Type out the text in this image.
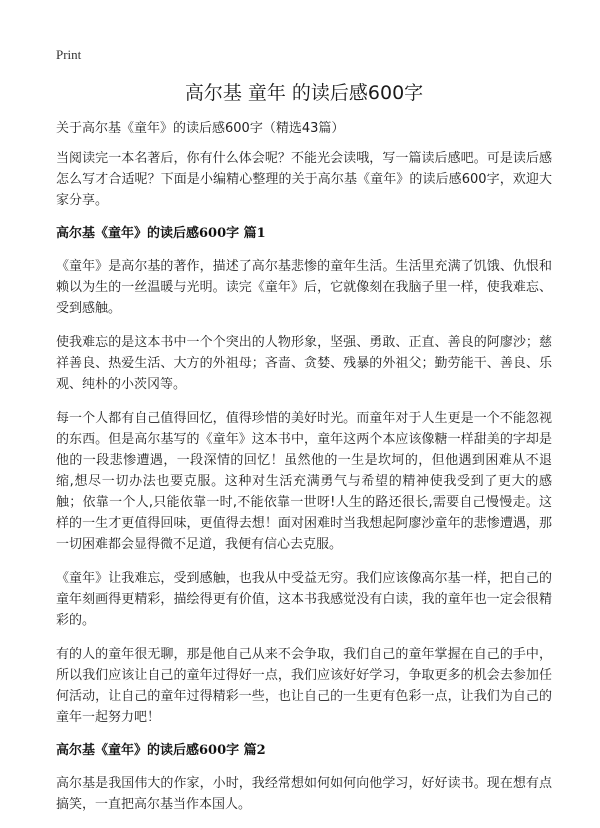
Print
高尔基 童年 的读后感600字

关于高尔基《童年》的读后感600字（精选43篇）

当阅读完一本名著后，你有什么体会呢？不能光会读哦，写一篇读后感吧。可是读后感怎么写才合适呢？下面是小编精心整理的关于高尔基《童年》的读后感600字，欢迎大家分享。

高尔基《童年》的读后感600字 篇1

《童年》是高尔基的著作，描述了高尔基悲惨的童年生活。生活里充满了饥饿、仇恨和赖以为生的一丝温暖与光明。读完《童年》后，它就像刻在我脑子里一样，使我难忘、受到感触。

使我难忘的是这本书中一个个突出的人物形象，坚强、勇敢、正直、善良的阿廖沙；慈祥善良、热爱生活、大方的外祖母；吝啬、贪婪、残暴的外祖父；勤劳能干、善良、乐观、纯朴的小茨冈等。

每一个人都有自己值得回忆，值得珍惜的美好时光。而童年对于人生更是一个不能忽视的东西。但是高尔基写的《童年》这本书中，童年这两个本应该像糖一样甜美的字却是他的一段悲惨遭遇，一段深情的回忆！虽然他的一生是坎坷的，但他遇到困难从不退缩,想尽一切办法也要克服。这种对生活充满勇气与希望的精神使我受到了更大的感触；依靠一个人,只能依靠一时,不能依靠一世呀!人生的路还很长,需要自己慢慢走。这样的一生才更值得回味，更值得去想！面对困难时当我想起阿廖沙童年的悲惨遭遇，那一切困难都会显得微不足道，我便有信心去克服。

《童年》让我难忘，受到感触，也我从中受益无穷。我们应该像高尔基一样，把自己的童年刻画得更精彩，描绘得更有价值，这本书我感觉没有白读，我的童年也一定会很精彩的。

有的人的童年很无聊，那是他自己从来不会争取，我们自己的童年掌握在自己的手中，所以我们应该让自己的童年过得好一点，我们应该好好学习，争取更多的机会去参加任何活动，让自己的童年过得精彩一些，也让自己的一生更有色彩一点，让我们为自己的童年一起努力吧！

高尔基《童年》的读后感600字 篇2

高尔基是我国伟大的作家，小时，我经常想如何如何向他学习，好好读书。现在想有点搞笑，一直把高尔基当作本国人。
